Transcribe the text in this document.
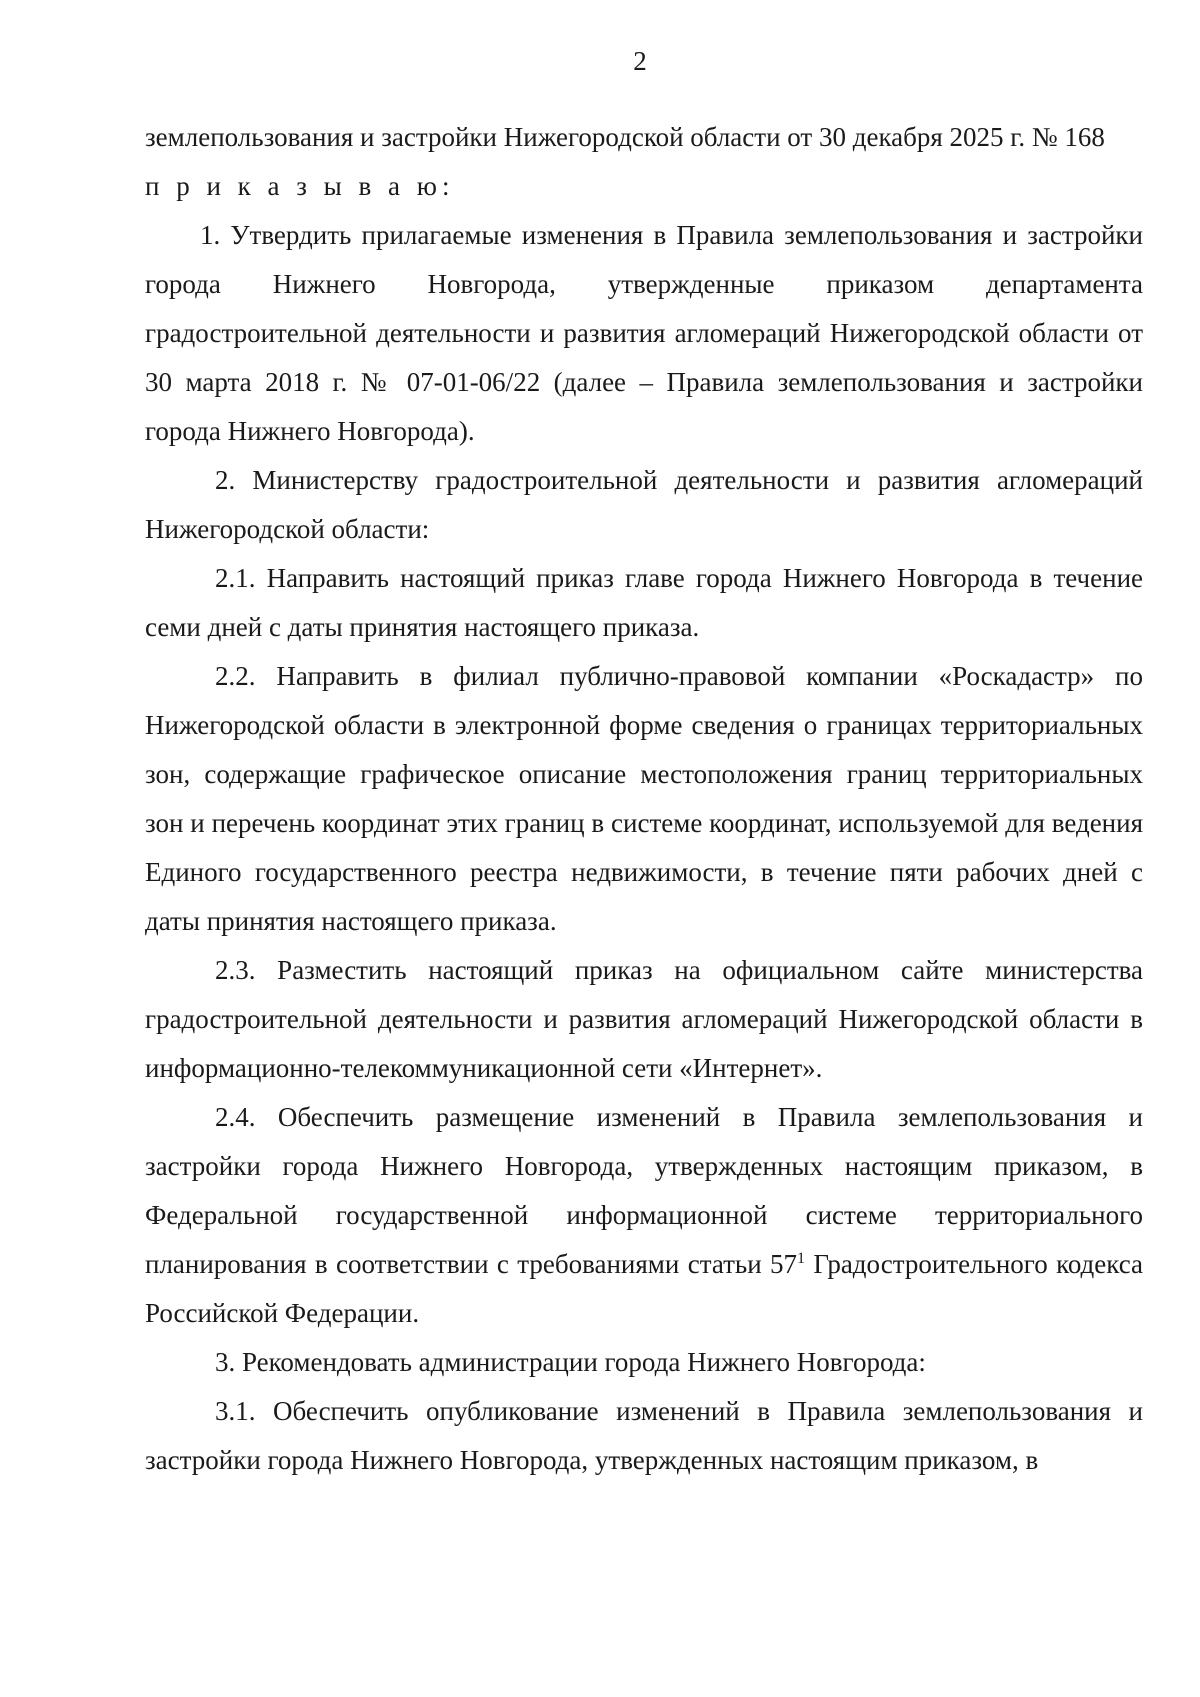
2

землепользования и застройки Нижегородской области от 30 декабря 2025 г. № 168

п р и к а з ы в а ю:

1. Утвердить прилагаемые изменения в Правила землепользования и застройки города Нижнего Новгорода, утвержденные приказом департамента градостроительной деятельности и развития агломераций Нижегородской области от 30 марта 2018 г. № 07-01-06/22 (далее – Правила землепользования и застройки города Нижнего Новгорода).

2. Министерству градостроительной деятельности и развития агломераций Нижегородской области:

2.1. Направить настоящий приказ главе города Нижнего Новгорода в течение семи дней с даты принятия настоящего приказа.

2.2. Направить в филиал публично-правовой компании «Роскадастр» по Нижегородской области в электронной форме сведения о границах территориальных зон, содержащие графическое описание местоположения границ территориальных зон и перечень координат этих границ в системе координат, используемой для ведения Единого государственного реестра недвижимости, в течение пяти рабочих дней с даты принятия настоящего приказа.

2.3. Разместить настоящий приказ на официальном сайте министерства градостроительной деятельности и развития агломераций Нижегородской области в информационно-телекоммуникационной сети «Интернет».

2.4. Обеспечить размещение изменений в Правила землепользования и застройки города Нижнего Новгорода, утвержденных настоящим приказом, в Федеральной государственной информационной системе территориального планирования в соответствии с требованиями статьи $57^1$ Градостроительного кодекса Российской Федерации.

3. Рекомендовать администрации города Нижнего Новгорода:

3.1. Обеспечить опубликование изменений в Правила землепользования и застройки города Нижнего Новгорода, утвержденных настоящим приказом, в
